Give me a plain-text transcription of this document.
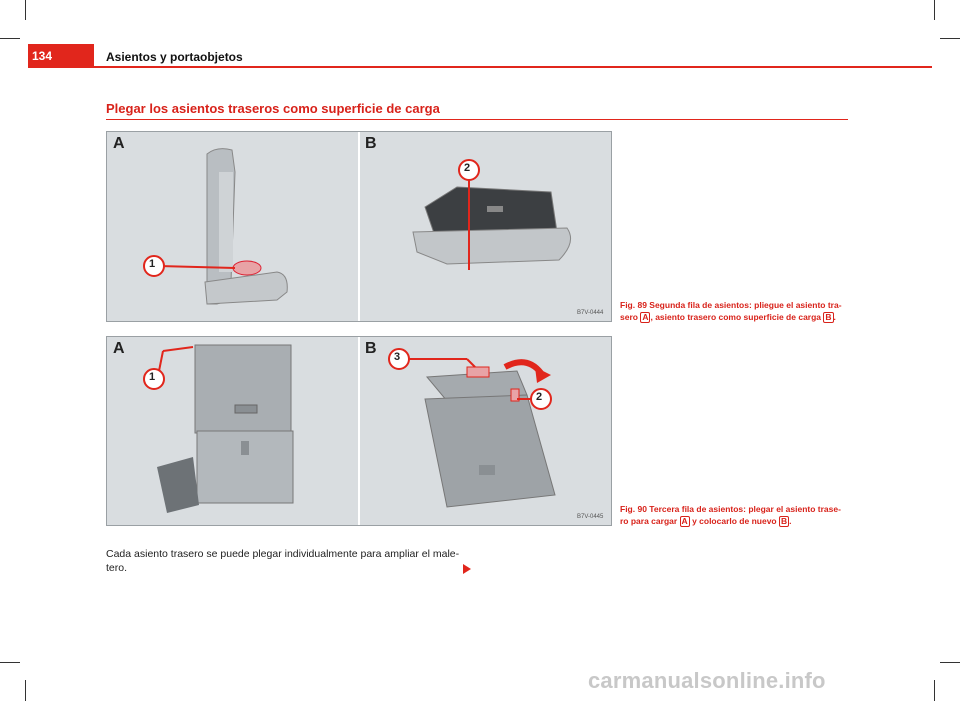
134	Asientos y portaobjetos
Plegar los asientos traseros como superficie de carga
A	B
1
2
B7V-0444
Fig. 89 Segunda fila de asientos: pliegue el asiento tra-
sero A , asiento trasero como superficie de carga B .
A	B
1
3
2
B7V-0445
Fig. 90 Tercera fila de asientos: plegar el asiento trase-
ro para cargar A y colocarlo de nuevo B .
Cada asiento trasero se puede plegar individualmente para ampliar el male-tero.
carmanualsonline.info
